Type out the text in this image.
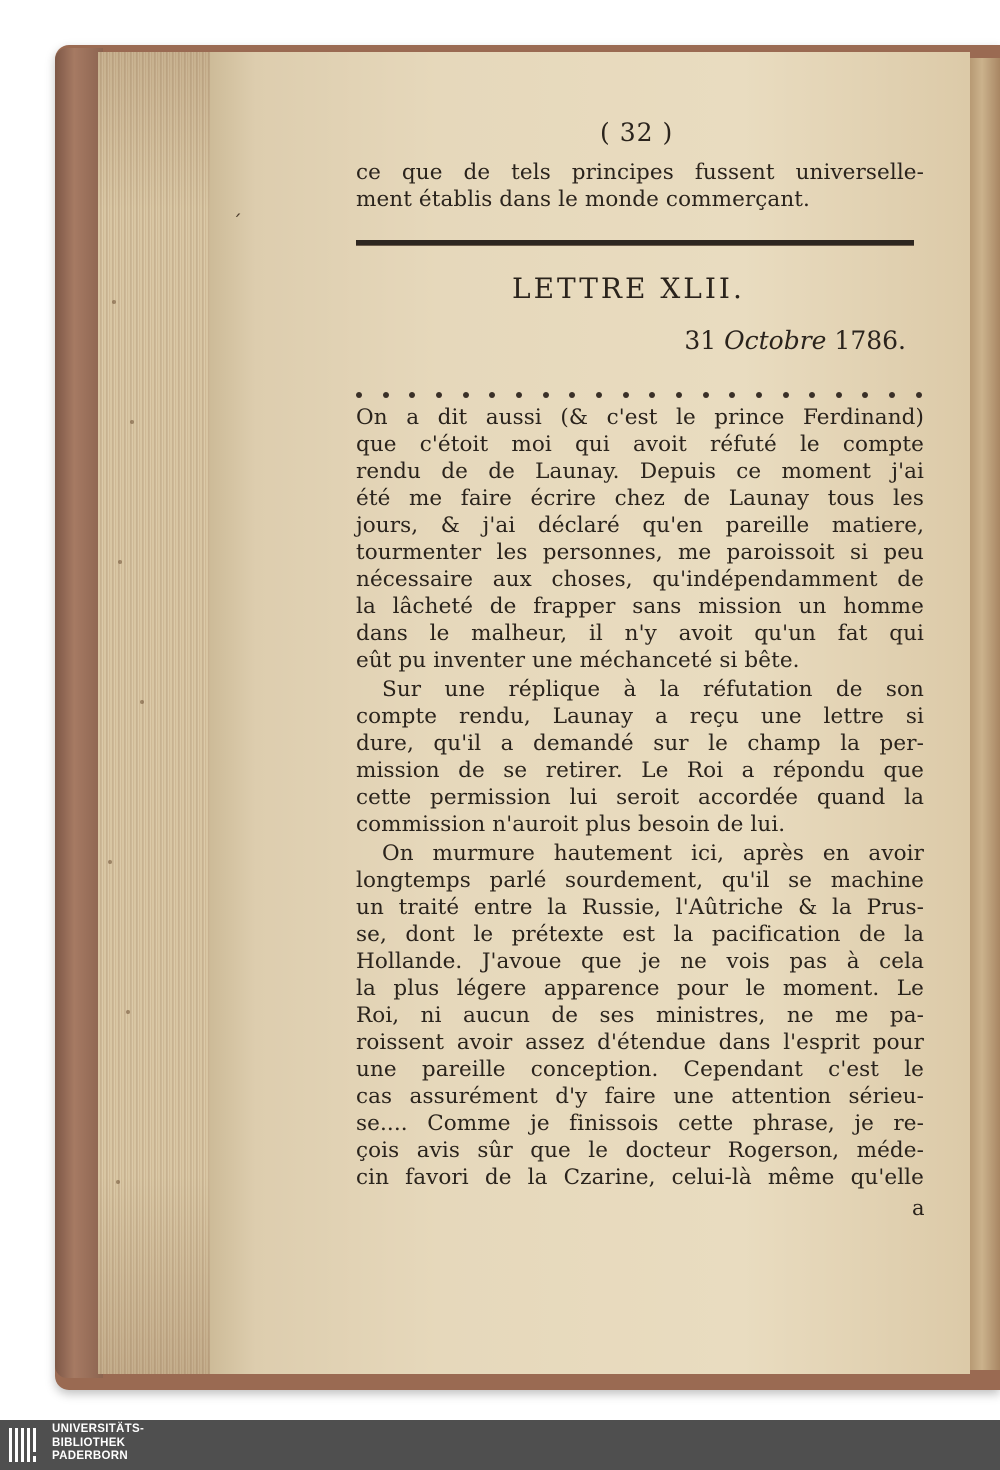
ˊ
( 32 )
ce que de tels principes fussent universelle-
ment établis dans le monde commerçant.
LETTRE XLII.
31 Octobre 1786.
On a dit aussi (& c'est le prince Ferdinand)
que c'étoit moi qui avoit réfuté le compte
rendu de de Launay. Depuis ce moment j'ai
été me faire écrire chez de Launay tous les
jours, & j'ai déclaré qu'en pareille matiere,
tourmenter les personnes, me paroissoit si peu
nécessaire aux choses, qu'indépendamment de
la lâcheté de frapper sans mission un homme
dans le malheur, il n'y avoit qu'un fat qui
eût pu inventer une méchanceté si bête.
Sur une réplique à la réfutation de son
compte rendu, Launay a reçu une lettre si
dure, qu'il a demandé sur le champ la per-
mission de se retirer. Le Roi a répondu que
cette permission lui seroit accordée quand la
commission n'auroit plus besoin de lui.
On murmure hautement ici, après en avoir
longtemps parlé sourdement, qu'il se machine
un traité entre la Russie, l'Aûtriche & la Prus-
se, dont le prétexte est la pacification de la
Hollande. J'avoue que je ne vois pas à cela
la plus légere apparence pour le moment. Le
Roi, ni aucun de ses ministres, ne me pa-
roissent avoir assez d'étendue dans l'esprit pour
une pareille conception. Cependant c'est le
cas assurément d'y faire une attention sérieu-
se.... Comme je finissois cette phrase, je re-
çois avis sûr que le docteur Rogerson, méde-
cin favori de la Czarine, celui-là même qu'elle
a
UNIVERSITÄTS-
BIBLIOTHEK
PADERBORN
